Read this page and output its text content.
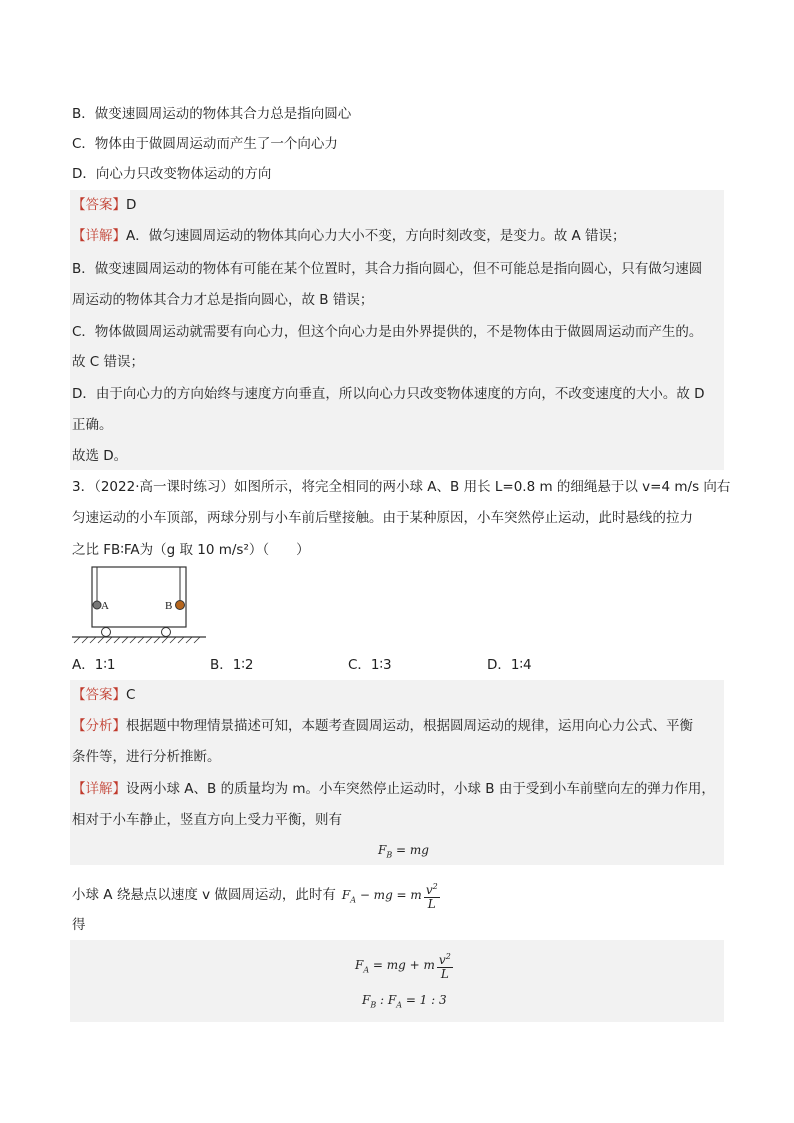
B．做变速圆周运动的物体其合力总是指向圆心
C．物体由于做圆周运动而产生了一个向心力
D．向心力只改变物体运动的方向
【答案】D
【详解】A．做匀速圆周运动的物体其向心力大小不变，方向时刻改变，是变力。故 A 错误；
B．做变速圆周运动的物体有可能在某个位置时，其合力指向圆心，但不可能总是指向圆心，只有做匀速圆
周运动的物体其合力才总是指向圆心，故 B 错误；
C．物体做圆周运动就需要有向心力，但这个向心力是由外界提供的，不是物体由于做圆周运动而产生的。
故 C 错误；
D．由于向心力的方向始终与速度方向垂直，所以向心力只改变物体速度的方向，不改变速度的大小。故 D
正确。
故选 D。
3．（2022·高一课时练习）如图所示，将完全相同的两小球 A、B 用长 L=0.8 m 的细绳悬于以 v=4 m/s 向右
匀速运动的小车顶部，两球分别与小车前后壁接触。由于某种原因，小车突然停止运动，此时悬线的拉力
之比 FB∶FA为（g 取 10 m/s²）（　　）
A	B
A．1∶1	B．1∶2	C．1∶3	D．1∶4
【答案】C
【分析】根据题中物理情景描述可知，本题考查圆周运动，根据圆周运动的规律，运用向心力公式、平衡
条件等，进行分析推断。
【详解】设两小球 A、B 的质量均为 m。小车突然停止运动时，小球 B 由于受到小车前壁向左的弹力作用，
相对于小车静止，竖直方向上受力平衡，则有
$F_B$ = mg
小球 A 绕悬点以速度 v 做圆周运动，此时有 $F_A$ − mg = m $\frac{v^2}{L}$
得
$F_A$ = mg + m $\frac{v^2}{L}$
$F_B$ : $F_A = 1$ : 3
